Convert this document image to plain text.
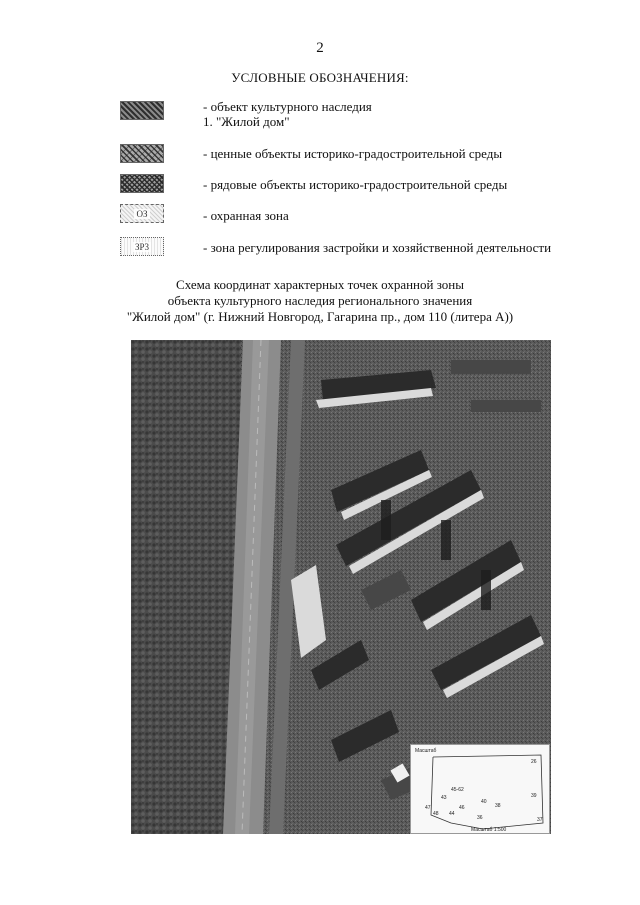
2
УСЛОВНЫЕ ОБОЗНАЧЕНИЯ:
- объект культурного наследия
1. "Жилой дом"
- ценные объекты историко-градостроительной среды
- рядовые объекты историко-градостроительной среды
ОЗ	- охранная зона
ЗР3	- зона регулирования застройки и хозяйственной деятельности
Схема координат характерных точек охранной зоны
объекта культурного наследия регионального значения
"Жилой дом" (г. Нижний Новгород, Гагарина пр., дом 110 (литера А))
Масштаб
26
47
48
45-62
43
44
46
40
38
39
36	37
Масштаб 1:500
